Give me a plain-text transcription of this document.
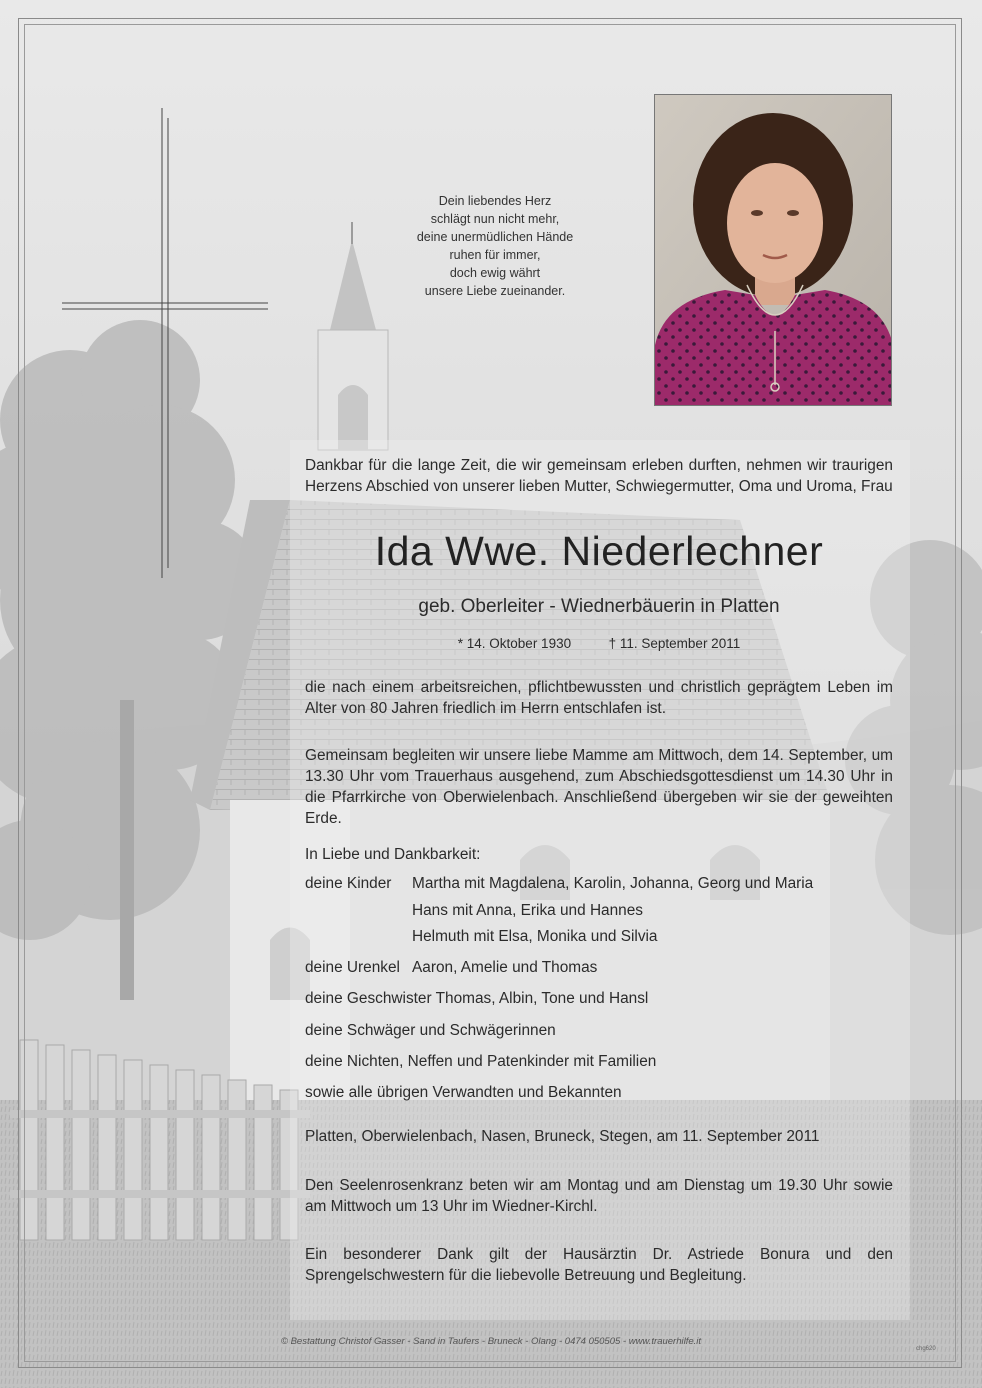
Dein liebendes Herz
schlägt nun nicht mehr,
deine unermüdlichen Hände
ruhen für immer,
doch ewig währt
unsere Liebe zueinander.
Dankbar für die lange Zeit, die wir gemeinsam erleben durften, nehmen wir traurigen Herzens Abschied von unserer lieben Mutter, Schwiegermutter, Oma und Uroma, Frau
Ida Wwe. Niederlechner
geb. Oberleiter - Wiednerbäuerin in Platten
* 14. Oktober 1930	† 11. September 2011
die nach einem arbeitsreichen, pflichtbewussten und christlich geprägtem Leben im Alter von 80 Jahren friedlich im Herrn entschlafen ist.
Gemeinsam begleiten wir unsere liebe Mamme am Mittwoch, dem 14. September, um 13.30 Uhr vom Trauerhaus ausgehend, zum Abschiedsgottesdienst um 14.30 Uhr in die Pfarrkirche von Oberwielenbach. Anschließend übergeben wir sie der geweihten Erde.
In Liebe und Dankbarkeit:
deine Kinder Martha mit Magdalena, Karolin, Johanna, Georg und Maria
Hans mit Anna, Erika und Hannes
Helmuth mit Elsa, Monika und Silvia
deine Urenkel Aaron, Amelie und Thomas
deine Geschwister Thomas, Albin, Tone und Hansl
deine Schwäger und Schwägerinnen
deine Nichten, Neffen und Patenkinder mit Familien
sowie alle übrigen Verwandten und Bekannten
Platten, Oberwielenbach, Nasen, Bruneck, Stegen, am 11. September 2011
Den Seelenrosenkranz beten wir am Montag und am Dienstag um 19.30 Uhr sowie am Mittwoch um 13 Uhr im Wiedner-Kirchl.
Ein besonderer Dank gilt der Hausärztin Dr. Astriede Bonura und den Sprengelschwestern für die liebevolle Betreuung und Begleitung.
© Bestattung Christof Gasser - Sand in Taufers - Bruneck - Olang - 0474 050505 - www.trauerhilfe.it
chg620
